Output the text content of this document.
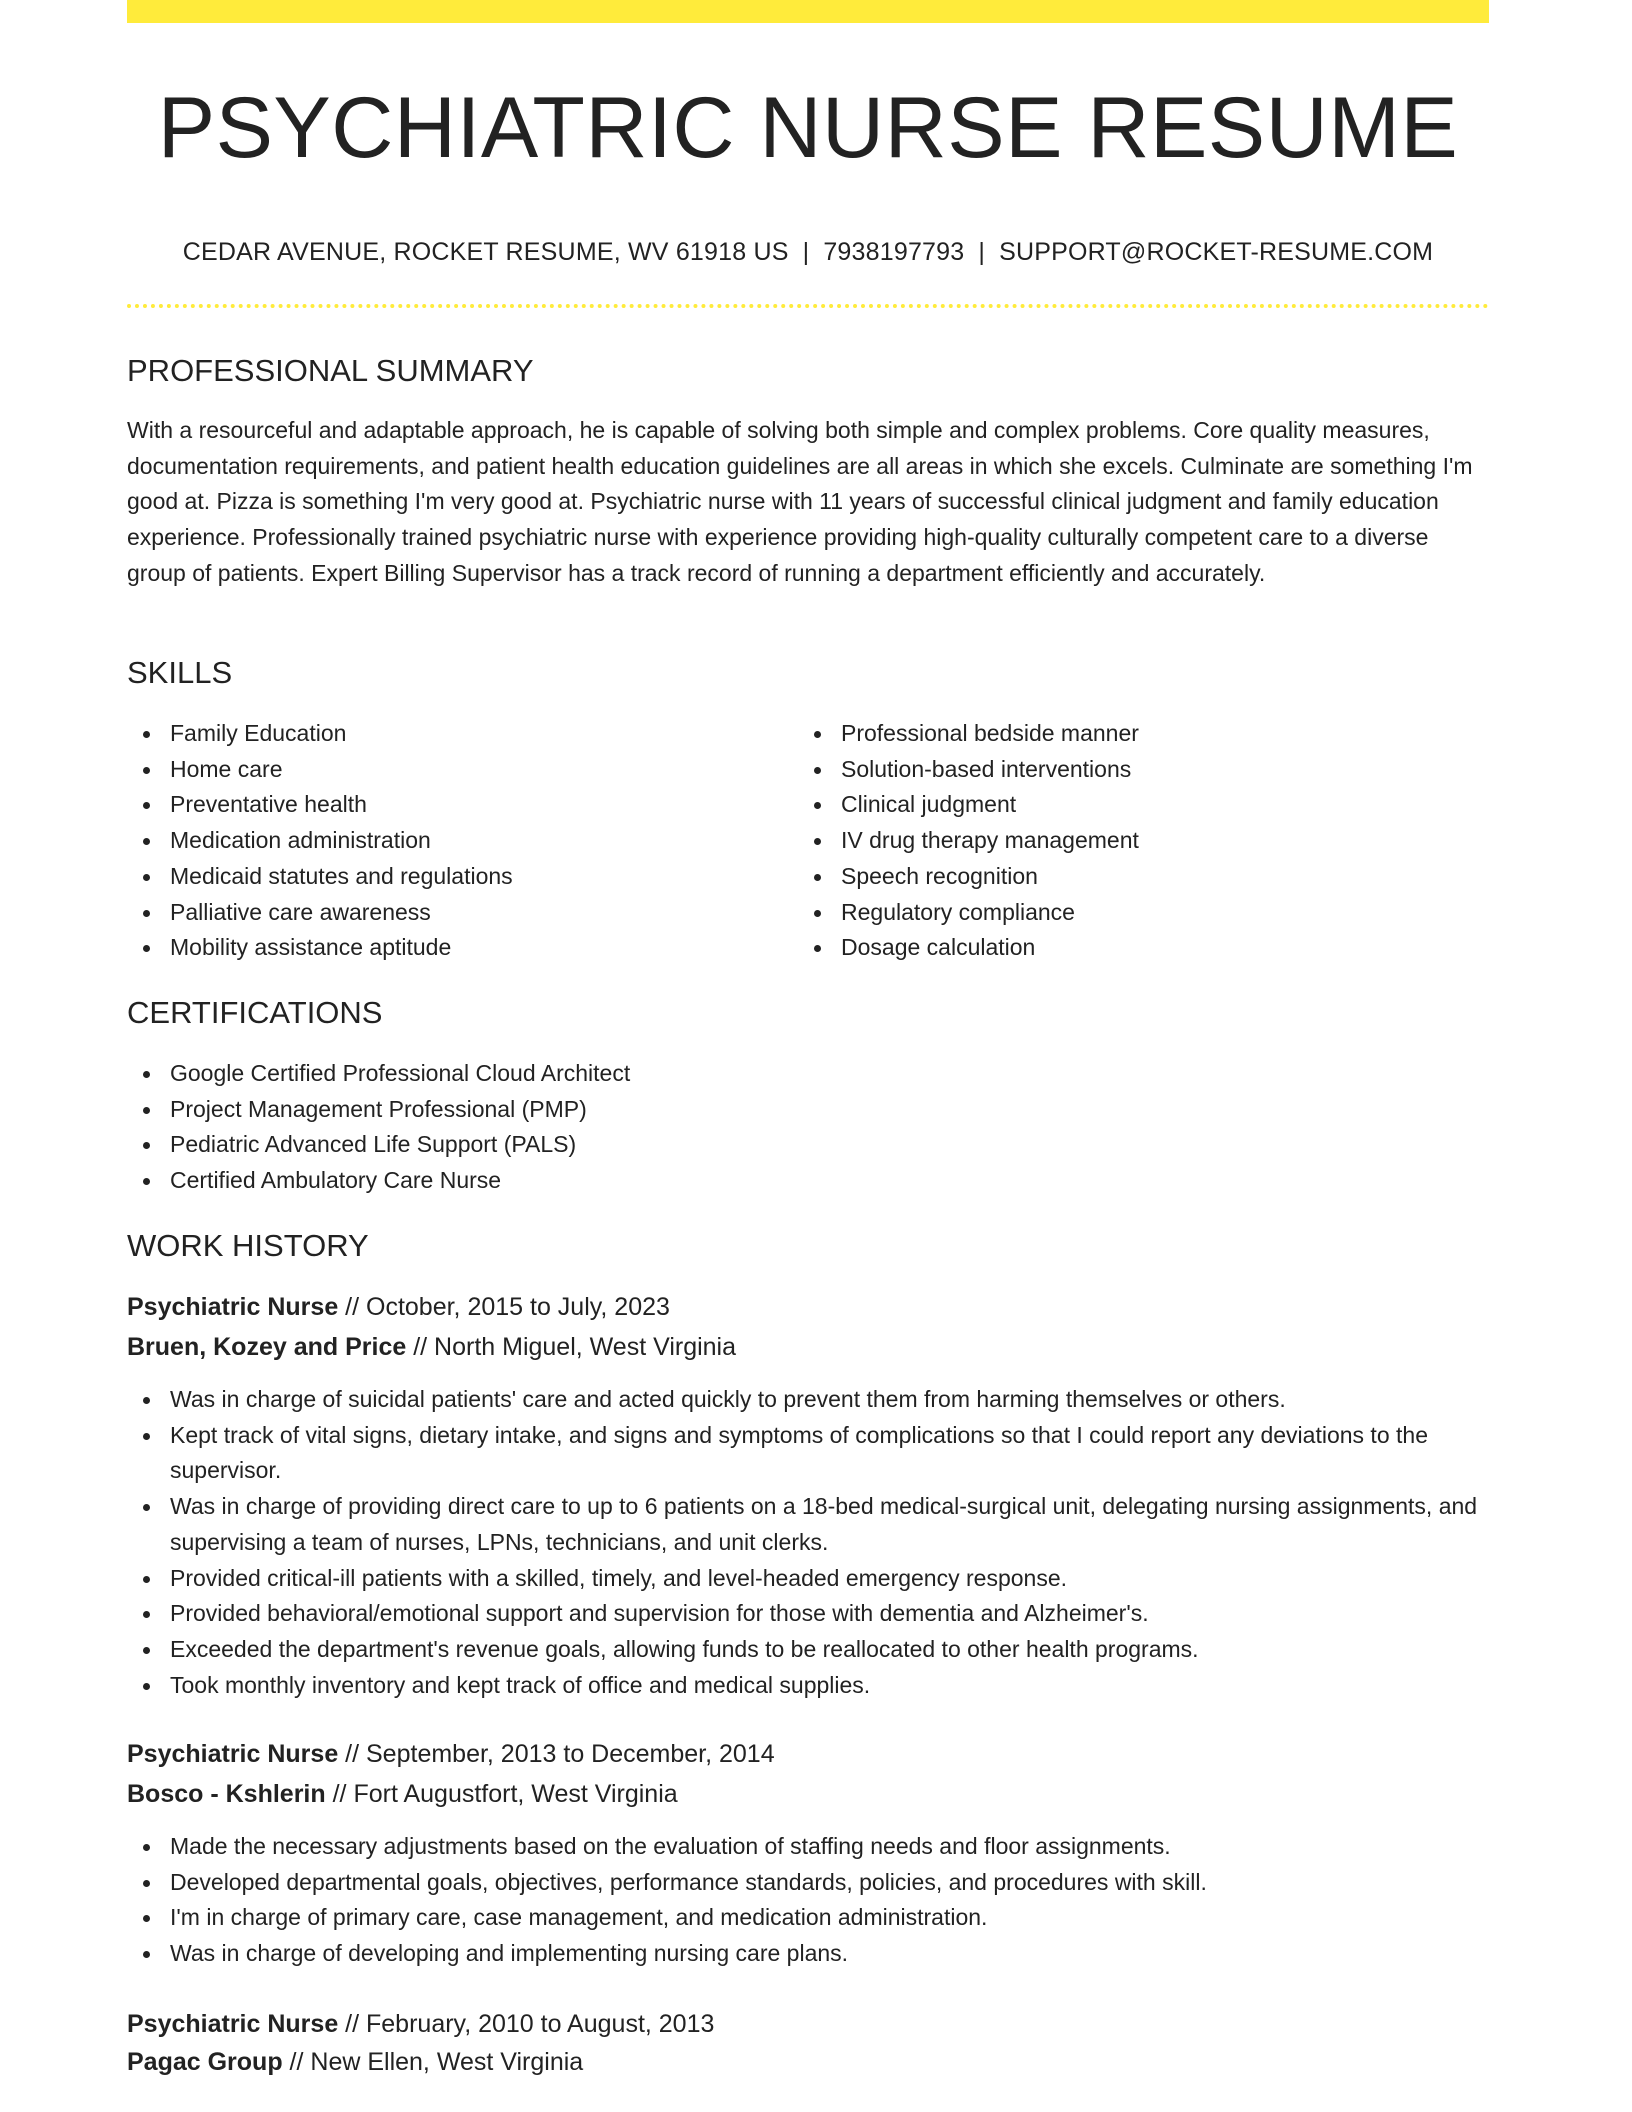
PSYCHIATRIC NURSE RESUME
CEDAR AVENUE, ROCKET RESUME, WV 61918 US | 7938197793 | SUPPORT@ROCKET-RESUME.COM
PROFESSIONAL SUMMARY
With a resourceful and adaptable approach, he is capable of solving both simple and complex problems. Core quality measures, documentation requirements, and patient health education guidelines are all areas in which she excels. Culminate are something I'm good at. Pizza is something I'm very good at. Psychiatric nurse with 11 years of successful clinical judgment and family education experience. Professionally trained psychiatric nurse with experience providing high-quality culturally competent care to a diverse group of patients. Expert Billing Supervisor has a track record of running a department efficiently and accurately.
SKILLS
Family Education
Home care
Preventative health
Medication administration
Medicaid statutes and regulations
Palliative care awareness
Mobility assistance aptitude
Professional bedside manner
Solution-based interventions
Clinical judgment
IV drug therapy management
Speech recognition
Regulatory compliance
Dosage calculation
CERTIFICATIONS
Google Certified Professional Cloud Architect
Project Management Professional (PMP)
Pediatric Advanced Life Support (PALS)
Certified Ambulatory Care Nurse
WORK HISTORY
Psychiatric Nurse // October, 2015 to July, 2023
Bruen, Kozey and Price // North Miguel, West Virginia
Was in charge of suicidal patients' care and acted quickly to prevent them from harming themselves or others.
Kept track of vital signs, dietary intake, and signs and symptoms of complications so that I could report any deviations to the supervisor.
Was in charge of providing direct care to up to 6 patients on a 18-bed medical-surgical unit, delegating nursing assignments, and supervising a team of nurses, LPNs, technicians, and unit clerks.
Provided critical-ill patients with a skilled, timely, and level-headed emergency response.
Provided behavioral/emotional support and supervision for those with dementia and Alzheimer's.
Exceeded the department's revenue goals, allowing funds to be reallocated to other health programs.
Took monthly inventory and kept track of office and medical supplies.
Psychiatric Nurse // September, 2013 to December, 2014
Bosco - Kshlerin // Fort Augustfort, West Virginia
Made the necessary adjustments based on the evaluation of staffing needs and floor assignments.
Developed departmental goals, objectives, performance standards, policies, and procedures with skill.
I'm in charge of primary care, case management, and medication administration.
Was in charge of developing and implementing nursing care plans.
Psychiatric Nurse // February, 2010 to August, 2013
Pagac Group // New Ellen, West Virginia
